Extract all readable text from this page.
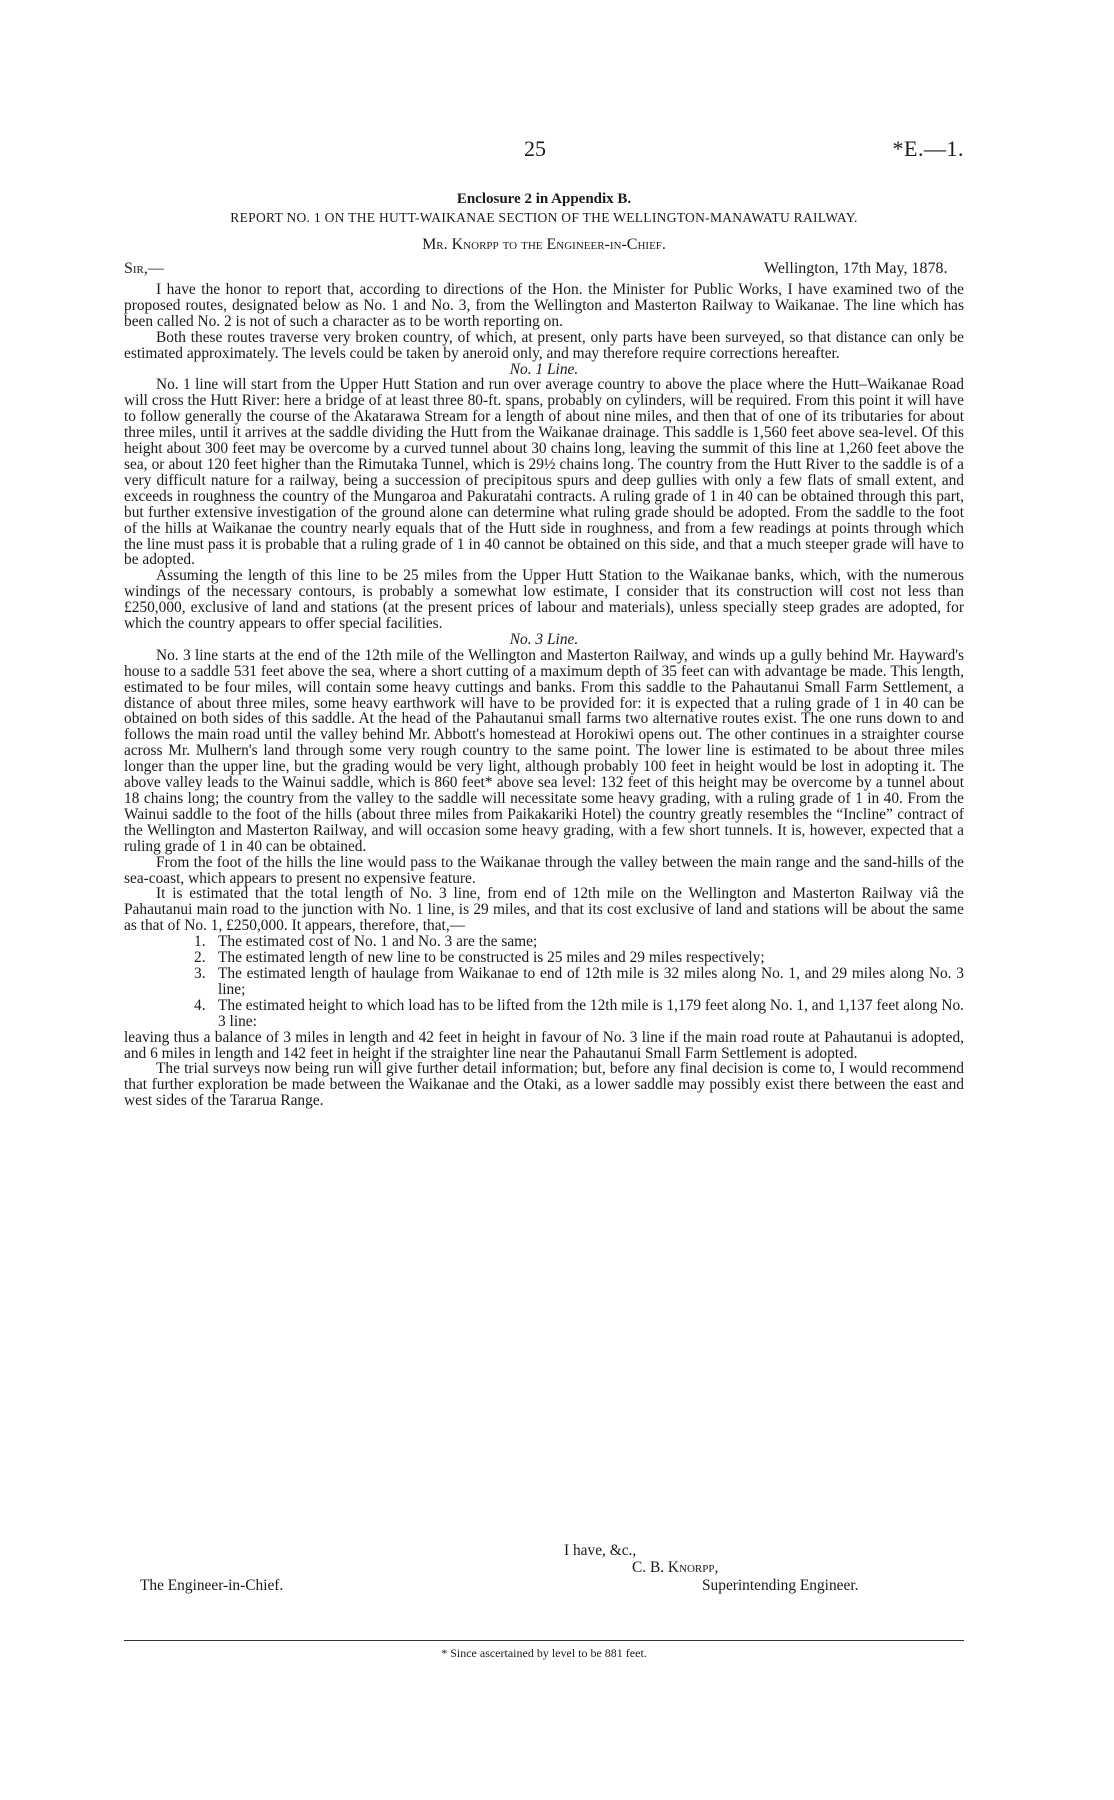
25	*E.—1.
Enclosure 2 in Appendix B.
REPORT NO. 1 ON THE HUTT-WAIKANAE SECTION OF THE WELLINGTON-MANAWATU RAILWAY.
Mr. Knorpp to the Engineer-in-Chief.
Sir,—	Wellington, 17th May, 1878.

I have the honor to report that, according to directions of the Hon. the Minister for Public Works, I have examined two of the proposed routes, designated below as No. 1 and No. 3, from the Wellington and Masterton Railway to Waikanae. The line which has been called No. 2 is not of such a character as to be worth reporting on.

Both these routes traverse very broken country, of which, at present, only parts have been surveyed, so that distance can only be estimated approximately. The levels could be taken by aneroid only, and may therefore require corrections hereafter.

No. 1 Line.

No. 1 line will start from the Upper Hutt Station and run over average country to above the place where the Hutt–Waikanae Road will cross the Hutt River: here a bridge of at least three 80-ft. spans, probably on cylinders, will be required. From this point it will have to follow generally the course of the Akatarawa Stream for a length of about nine miles, and then that of one of its tributaries for about three miles, until it arrives at the saddle dividing the Hutt from the Waikanae drainage. This saddle is 1,560 feet above sea-level. Of this height about 300 feet may be overcome by a curved tunnel about 30 chains long, leaving the summit of this line at 1,260 feet above the sea, or about 120 feet higher than the Rimutaka Tunnel, which is 29½ chains long. The country from the Hutt River to the saddle is of a very difficult nature for a railway, being a succession of precipitous spurs and deep gullies with only a few flats of small extent, and exceeds in roughness the country of the Mungaroa and Pakuratahi contracts. A ruling grade of 1 in 40 can be obtained through this part, but further extensive investigation of the ground alone can determine what ruling grade should be adopted. From the saddle to the foot of the hills at Waikanae the country nearly equals that of the Hutt side in roughness, and from a few readings at points through which the line must pass it is probable that a ruling grade of 1 in 40 cannot be obtained on this side, and that a much steeper grade will have to be adopted.

Assuming the length of this line to be 25 miles from the Upper Hutt Station to the Waikanae banks, which, with the numerous windings of the necessary contours, is probably a somewhat low estimate, I consider that its construction will cost not less than £250,000, exclusive of land and stations (at the present prices of labour and materials), unless specially steep grades are adopted, for which the country appears to offer special facilities.

No. 3 Line.

No. 3 line starts at the end of the 12th mile of the Wellington and Masterton Railway, and winds up a gully behind Mr. Hayward's house to a saddle 531 feet above the sea, where a short cutting of a maximum depth of 35 feet can with advantage be made. This length, estimated to be four miles, will contain some heavy cuttings and banks. From this saddle to the Pahautanui Small Farm Settlement, a distance of about three miles, some heavy earthwork will have to be provided for: it is expected that a ruling grade of 1 in 40 can be obtained on both sides of this saddle. At the head of the Pahautanui small farms two alternative routes exist. The one runs down to and follows the main road until the valley behind Mr. Abbott's homestead at Horokiwi opens out. The other continues in a straighter course across Mr. Mulhern's land through some very rough country to the same point. The lower line is estimated to be about three miles longer than the upper line, but the grading would be very light, although probably 100 feet in height would be lost in adopting it. The above valley leads to the Wainui saddle, which is 860 feet* above sea level: 132 feet of this height may be overcome by a tunnel about 18 chains long; the country from the valley to the saddle will necessitate some heavy grading, with a ruling grade of 1 in 40. From the Wainui saddle to the foot of the hills (about three miles from Paikakariki Hotel) the country greatly resembles the “Incline” contract of the Wellington and Masterton Railway, and will occasion some heavy grading, with a few short tunnels. It is, however, expected that a ruling grade of 1 in 40 can be obtained.

From the foot of the hills the line would pass to the Waikanae through the valley between the main range and the sand-hills of the sea-coast, which appears to present no expensive feature.

It is estimated that the total length of No. 3 line, from end of 12th mile on the Wellington and Masterton Railway viâ the Pahautanui main road to the junction with No. 1 line, is 29 miles, and that its cost exclusive of land and stations will be about the same as that of No. 1, £250,000. It appears, therefore, that,—

1. The estimated cost of No. 1 and No. 3 are the same;
2. The estimated length of new line to be constructed is 25 miles and 29 miles respectively;
3. The estimated length of haulage from Waikanae to end of 12th mile is 32 miles along No. 1, and 29 miles along No. 3 line;
4. The estimated height to which load has to be lifted from the 12th mile is 1,179 feet along No. 1, and 1,137 feet along No. 3 line:

leaving thus a balance of 3 miles in length and 42 feet in height in favour of No. 3 line if the main road route at Pahautanui is adopted, and 6 miles in length and 142 feet in height if the straighter line near the Pahautanui Small Farm Settlement is adopted.

The trial surveys now being run will give further detail information; but, before any final decision is come to, I would recommend that further exploration be made between the Waikanae and the Otaki, as a lower saddle may possibly exist there between the east and west sides of the Tararua Range.

I have, &c.,
C. B. Knorpp,
The Engineer-in-Chief.	Superintending Engineer.
* Since ascertained by level to be 881 feet.
